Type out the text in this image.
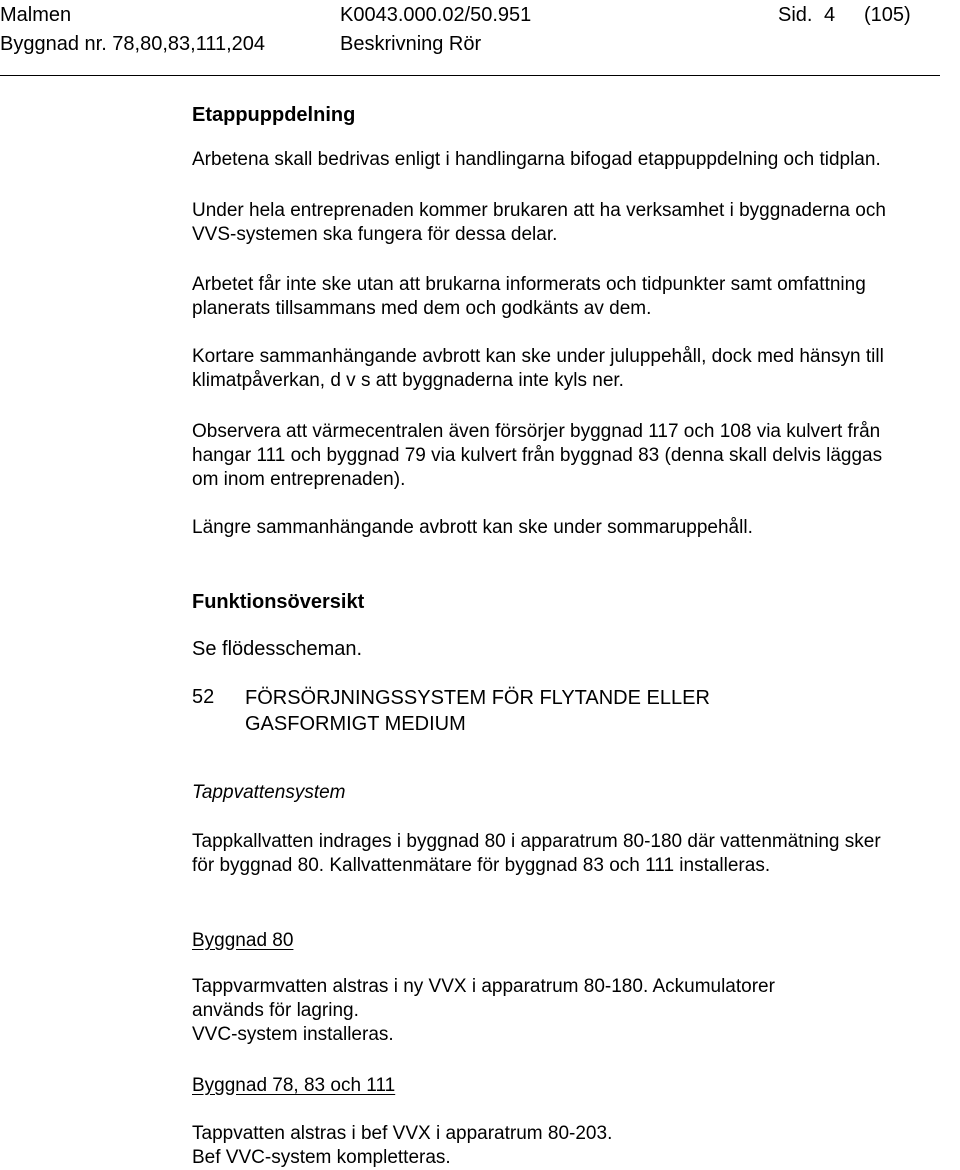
Malmen	K0043.000.02/50.951	Sid. 4 (105)
Byggnad nr. 78,80,83,111,204	Beskrivning Rör
Etappuppdelning
Arbetena skall bedrivas enligt i handlingarna bifogad etappuppdelning och tidplan.
Under hela entreprenaden kommer brukaren att ha verksamhet i byggnaderna och
VVS-systemen ska fungera för dessa delar.
Arbetet får inte ske utan att brukarna informerats och tidpunkter samt omfattning
planerats tillsammans med dem och godkänts av dem.
Kortare sammanhängande avbrott kan ske under juluppehåll, dock med hänsyn till
klimatpåverkan, d v s att byggnaderna inte kyls ner.
Observera att värmecentralen även försörjer byggnad 117 och 108 via kulvert från
hangar 111 och byggnad 79 via kulvert från byggnad 83 (denna skall delvis läggas
om inom entreprenaden).
Längre sammanhängande avbrott kan ske under sommaruppehåll.
Funktionsöversikt
Se flödesscheman.
52 FÖRSÖRJNINGSSYSTEM FÖR FLYTANDE ELLER
GASFORMIGT MEDIUM
Tappvattensystem
Tappkallvatten indrages i byggnad 80 i apparatrum 80-180 där vattenmätning sker
för byggnad 80. Kallvattenmätare för byggnad 83 och 111 installeras.
Byggnad 80
Tappvarmvatten alstras i ny VVX i apparatrum 80-180. Ackumulatorer
används för lagring.
VVC-system installeras.
Byggnad 78, 83 och 111
Tappvatten alstras i bef VVX i apparatrum 80-203.
Bef VVC-system kompletteras.
